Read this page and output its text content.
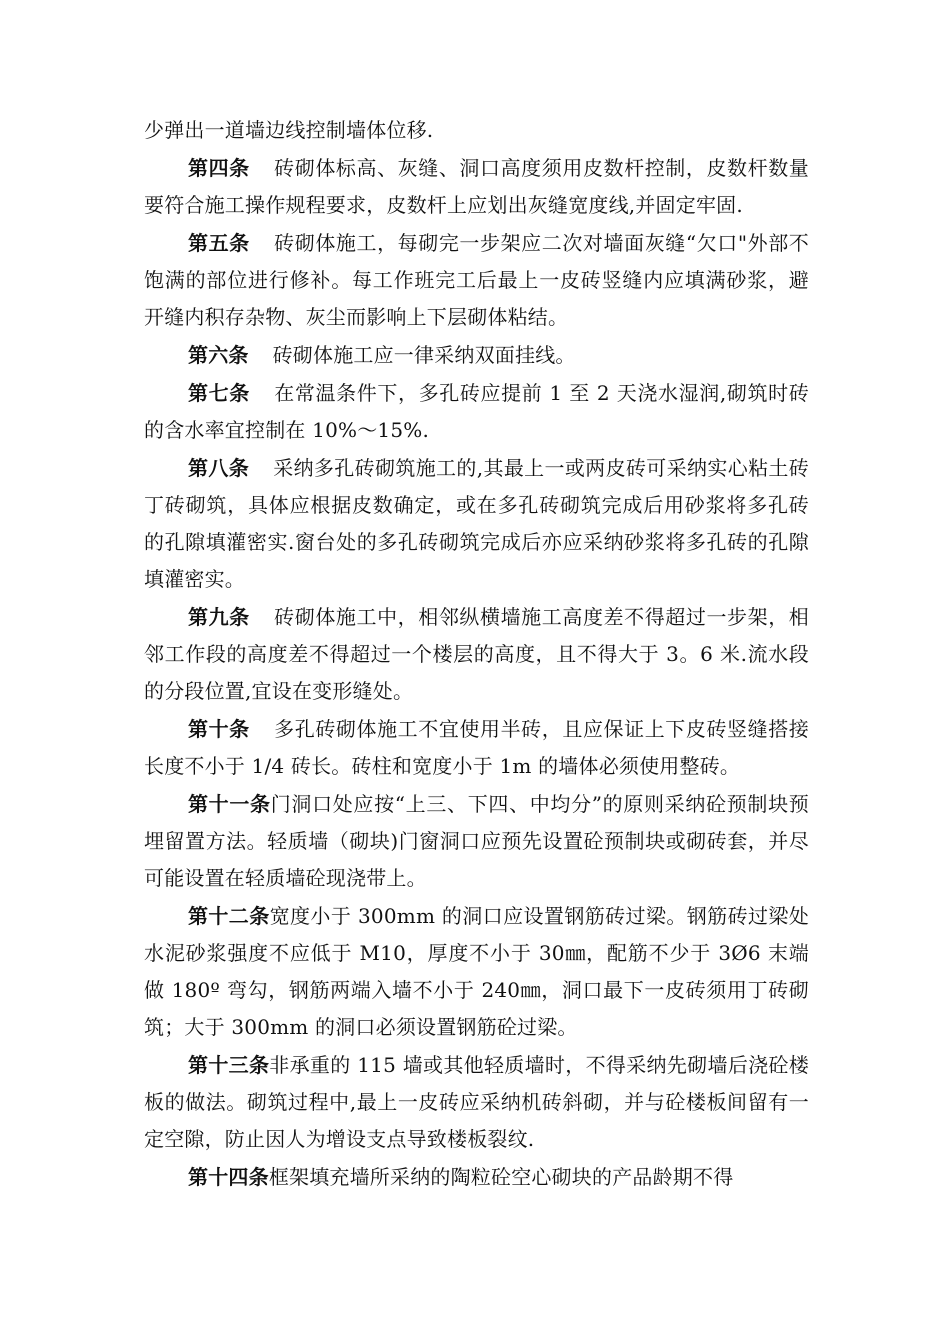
少弹出一道墙边线控制墙体位移.

第四条 砖砌体标高、灰缝、洞口高度须用皮数杆控制，皮数杆数量要符合施工操作规程要求，皮数杆上应划出灰缝宽度线,并固定牢固.

第五条 砖砌体施工，每砌完一步架应二次对墙面灰缝“欠口"外部不饱满的部位进行修补。每工作班完工后最上一皮砖竖缝内应填满砂浆，避开缝内积存杂物、灰尘而影响上下层砌体粘结。

第六条 砖砌体施工应一律采纳双面挂线。

第七条 在常温条件下，多孔砖应提前 1 至 2 天浇水湿润,砌筑时砖的含水率宜控制在 10%～15%.

第八条 采纳多孔砖砌筑施工的,其最上一或两皮砖可采纳实心粘土砖丁砖砌筑，具体应根据皮数确定，或在多孔砖砌筑完成后用砂浆将多孔砖的孔隙填灌密实.窗台处的多孔砖砌筑完成后亦应采纳砂浆将多孔砖的孔隙填灌密实。

第九条 砖砌体施工中，相邻纵横墙施工高度差不得超过一步架，相邻工作段的高度差不得超过一个楼层的高度，且不得大于 3。6 米.流水段的分段位置,宜设在变形缝处。

第十条 多孔砖砌体施工不宜使用半砖，且应保证上下皮砖竖缝搭接长度不小于 1/4 砖长。砖柱和宽度小于 1m 的墙体必须使用整砖。

第十一条门洞口处应按“上三、下四、中均分”的原则采纳砼预制块预埋留置方法。轻质墙（砌块)门窗洞口应预先设置砼预制块或砌砖套，并尽可能设置在轻质墙砼现浇带上。

第十二条宽度小于 300mm 的洞口应设置钢筋砖过梁。钢筋砖过梁处水泥砂浆强度不应低于 M10，厚度不小于 30㎜，配筋不少于 3Ø6 末端做 180º 弯勾，钢筋两端入墙不小于 240㎜，洞口最下一皮砖须用丁砖砌筑；大于 300mm 的洞口必须设置钢筋砼过梁。

第十三条非承重的 115 墙或其他轻质墙时，不得采纳先砌墙后浇砼楼板的做法。砌筑过程中,最上一皮砖应采纳机砖斜砌，并与砼楼板间留有一定空隙，防止因人为增设支点导致楼板裂纹.

第十四条框架填充墙所采纳的陶粒砼空心砌块的产品龄期不得
